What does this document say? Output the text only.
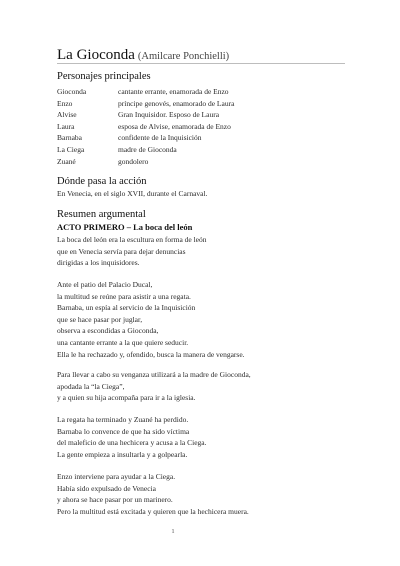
La Gioconda (Amilcare Ponchielli)
Personajes principales
Gioconda	cantante errante, enamorada de Enzo
Enzo	príncipe genovés, enamorado de Laura
Alvise	Gran Inquisidor. Esposo de Laura
Laura	esposa de Alvise, enamorada de Enzo
Barnaba	confidente de la Inquisición
La Ciega	madre de Gioconda
Zuané	gondolero
Dónde pasa la acción
En Venecia, en el siglo XVII, durante el Carnaval.
Resumen argumental
ACTO PRIMERO – La boca del león
La boca del león era la escultura en forma de león
que en Venecia servía para dejar denuncias
dirigidas a los inquisidores.
Ante el patio del Palacio Ducal,
la multitud se reúne para asistir a una regata.
Barnaba, un espía al servicio de la Inquisición
que se hace pasar por juglar,
observa a escondidas a Gioconda,
una cantante errante a la que quiere seducir.
Ella le ha rechazado y, ofendido, busca la manera de vengarse.
Para llevar a cabo su venganza utilizará a la madre de Gioconda,
apodada la “la Ciega”,
y a quien su hija acompaña para ir a la iglesia.
La regata ha terminado y Zuané ha perdido.
Barnaba lo convence de que ha sido víctima
del maleficio de una hechicera y acusa a la Ciega.
La gente empieza a insultarla y a golpearla.
Enzo interviene para ayudar a la Ciega.
Había sido expulsado de Venecia
y ahora se hace pasar por un marinero.
Pero la multitud está excitada y quieren que la hechicera muera.
1
